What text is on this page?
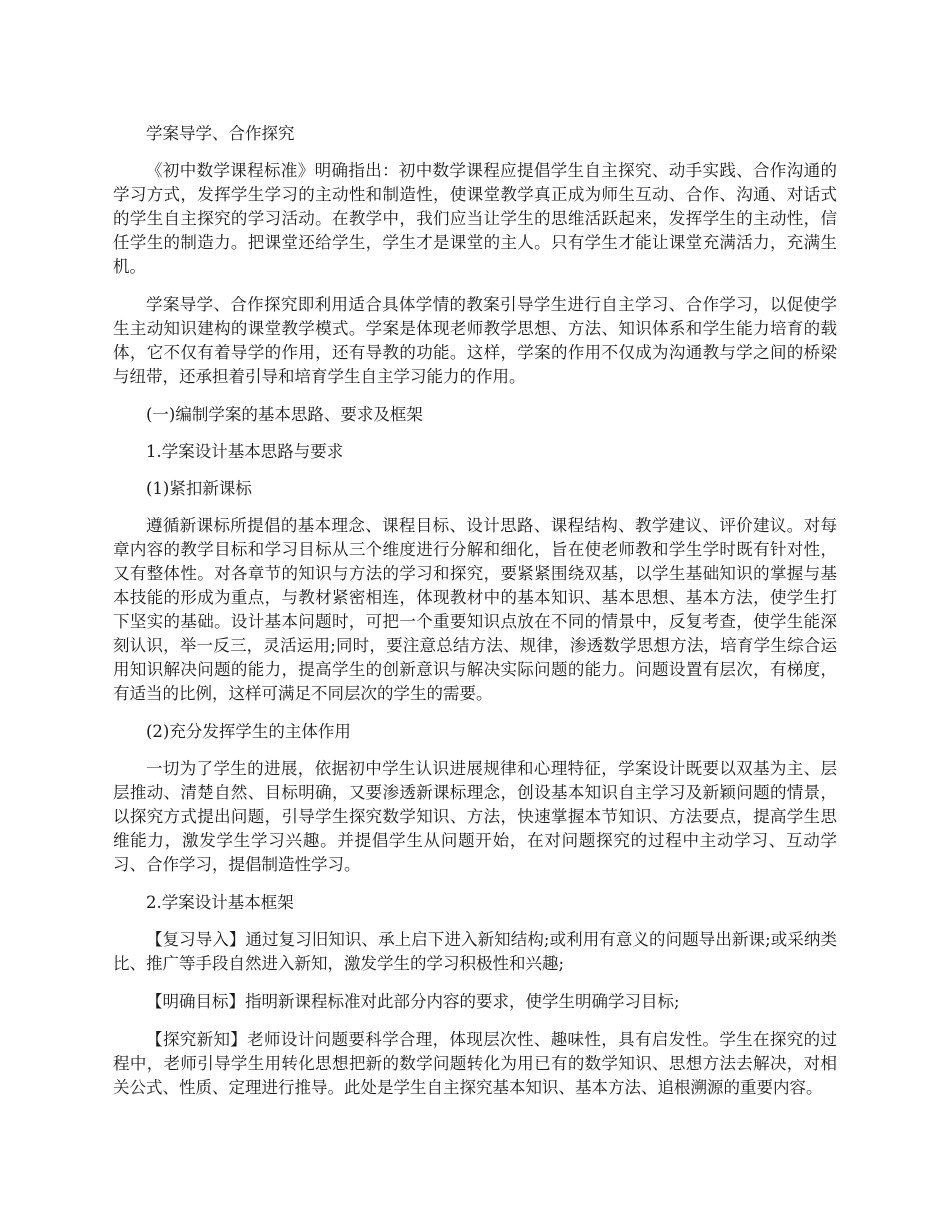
学案导学、合作探究

《初中数学课程标准》明确指出：初中数学课程应提倡学生自主探究、动手实践、合作沟通的学习方式，发挥学生学习的主动性和制造性，使课堂教学真正成为师生互动、合作、沟通、对话式的学生自主探究的学习活动。在教学中，我们应当让学生的思维活跃起来，发挥学生的主动性，信任学生的制造力。把课堂还给学生，学生才是课堂的主人。只有学生才能让课堂充满活力，充满生机。

学案导学、合作探究即利用适合具体学情的教案引导学生进行自主学习、合作学习，以促使学生主动知识建构的课堂教学模式。学案是体现老师教学思想、方法、知识体系和学生能力培育的载体，它不仅有着导学的作用，还有导教的功能。这样，学案的作用不仅成为沟通教与学之间的桥梁与纽带，还承担着引导和培育学生自主学习能力的作用。

(一)编制学案的基本思路、要求及框架

1.学案设计基本思路与要求

(1)紧扣新课标

遵循新课标所提倡的基本理念、课程目标、设计思路、课程结构、教学建议、评价建议。对每章内容的教学目标和学习目标从三个维度进行分解和细化，旨在使老师教和学生学时既有针对性，又有整体性。对各章节的知识与方法的学习和探究，要紧紧围绕双基，以学生基础知识的掌握与基本技能的形成为重点，与教材紧密相连，体现教材中的基本知识、基本思想、基本方法，使学生打下坚实的基础。设计基本问题时，可把一个重要知识点放在不同的情景中，反复考查，使学生能深刻认识，举一反三，灵活运用;同时，要注意总结方法、规律，渗透数学思想方法，培育学生综合运用知识解决问题的能力，提高学生的创新意识与解决实际问题的能力。问题设置有层次，有梯度，有适当的比例，这样可满足不同层次的学生的需要。

(2)充分发挥学生的主体作用

一切为了学生的进展，依据初中学生认识进展规律和心理特征，学案设计既要以双基为主、层层推动、清楚自然、目标明确，又要渗透新课标理念，创设基本知识自主学习及新颖问题的情景，以探究方式提出问题，引导学生探究数学知识、方法，快速掌握本节知识、方法要点，提高学生思维能力，激发学生学习兴趣。并提倡学生从问题开始，在对问题探究的过程中主动学习、互动学习、合作学习，提倡制造性学习。

2.学案设计基本框架

【复习导入】通过复习旧知识、承上启下进入新知结构;或利用有意义的问题导出新课;或采纳类比、推广等手段自然进入新知，激发学生的学习积极性和兴趣;

【明确目标】指明新课程标准对此部分内容的要求，使学生明确学习目标;

【探究新知】老师设计问题要科学合理，体现层次性、趣味性，具有启发性。学生在探究的过程中，老师引导学生用转化思想把新的数学问题转化为用已有的数学知识、思想方法去解决，对相关公式、性质、定理进行推导。此处是学生自主探究基本知识、基本方法、追根溯源的重要内容。
